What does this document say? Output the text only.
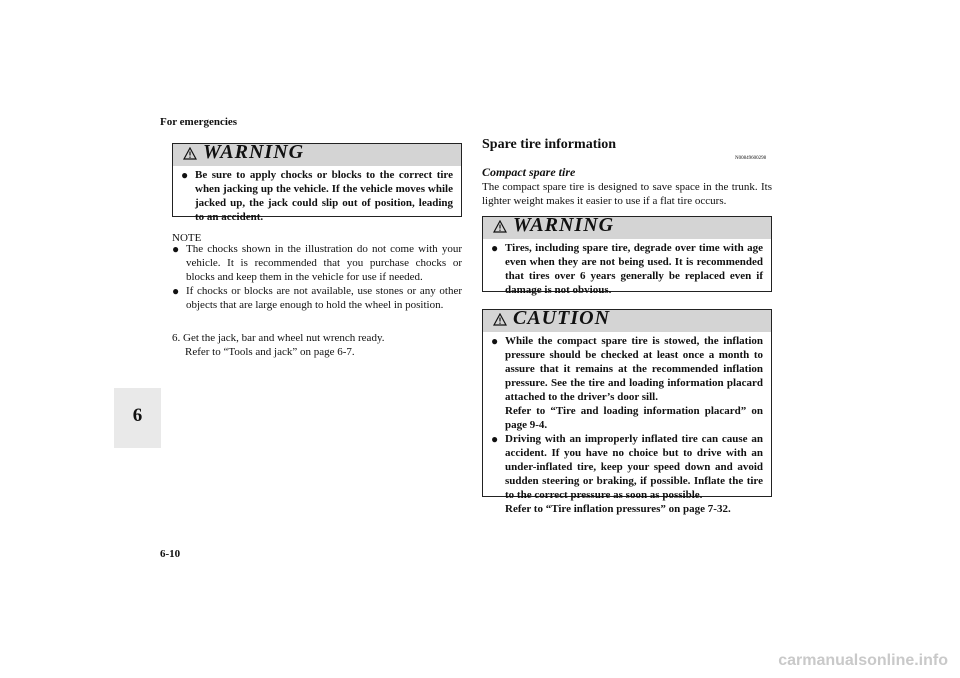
For emergencies
6
WARNING
● Be sure to apply chocks or blocks to the correct tire when jacking up the vehicle. If the vehicle moves while jacked up, the jack could slip out of position, leading to an accident.
NOTE
● The chocks shown in the illustration do not come with your vehicle. It is recommended that you purchase chocks or blocks and keep them in the vehicle for use if needed.
● If chocks or blocks are not available, use stones or any other objects that are large enough to hold the wheel in position.
6. Get the jack, bar and wheel nut wrench ready.
Refer to “Tools and jack” on page 6-7.
Spare tire information
N00849600298
Compact spare tire
The compact spare tire is designed to save space in the trunk. Its lighter weight makes it easier to use if a flat tire occurs.
WARNING
● Tires, including spare tire, degrade over time with age even when they are not being used. It is recommended that tires over 6 years generally be replaced even if damage is not obvious.
CAUTION
● While the compact spare tire is stowed, the inflation pressure should be checked at least once a month to assure that it remains at the recommended inflation pressure. See the tire and loading information placard attached to the driver’s door sill.
Refer to “Tire and loading information placard” on page 9-4.
● Driving with an improperly inflated tire can cause an accident. If you have no choice but to drive with an under-inflated tire, keep your speed down and avoid sudden steering or braking, if possible. Inflate the tire to the correct pressure as soon as possible.
Refer to “Tire inflation pressures” on page 7-32.
6-10
carmanualsonline.info
